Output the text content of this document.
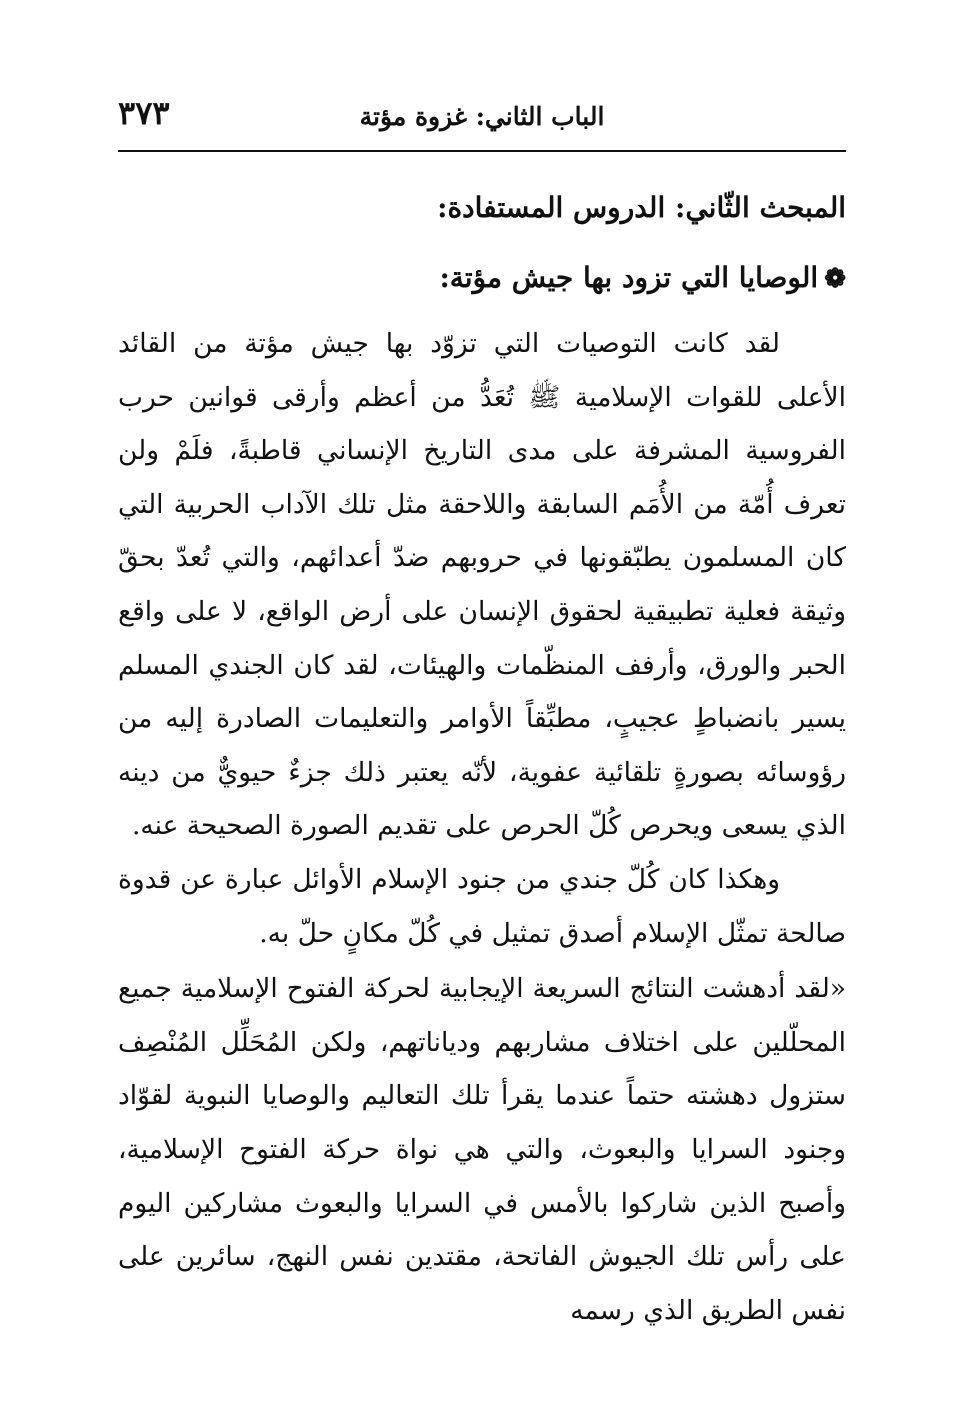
الباب الثاني: غزوة مؤتة
٣٧٣
المبحث الثّاني: الدروس المستفادة:
❁الوصايا التي تزود بها جيش مؤتة:

لقد كانت التوصيات التي تزوّد بها جيش مؤتة من القائد الأعلى للقوات الإسلامية ﷺ تُعَدُّ من أعظم وأرقى قوانين حرب الفروسية المشرفة على مدى التاريخ الإنساني قاطبةً، فلَمْ ولن تعرف أُمّة من الأُمَم السابقة واللاحقة مثل تلك الآداب الحربية التي كان المسلمون يطبّقونها في حروبهم ضدّ أعدائهم، والتي تُعدّ بحقّ وثيقة فعلية تطبيقية لحقوق الإنسان على أرض الواقع، لا على واقع الحبر والورق، وأرفف المنظّمات والهيئات، لقد كان الجندي المسلم يسير بانضباطٍ عجيبٍ، مطبِّقاً الأوامر والتعليمات الصادرة إليه من رؤوسائه بصورةٍ تلقائية عفوية، لأنّه يعتبر ذلك جزءٌ حيويٌّ من دينه الذي يسعى ويحرص كُلّ الحرص على تقديم الصورة الصحيحة عنه.

وهكذا كان كُلّ جندي من جنود الإسلام الأوائل عبارة عن قدوة صالحة تمثّل الإسلام أصدق تمثيل في كُلّ مكانٍ حلّ به.

«لقد أدهشت النتائج السريعة الإيجابية لحركة الفتوح الإسلامية جميع المحلّلين على اختلاف مشاربهم ودياناتهم، ولكن المُحَلِّل المُنْصِف ستزول دهشته حتماً عندما يقرأ تلك التعاليم والوصايا النبوية لقوّاد وجنود السرايا والبعوث، والتي هي نواة حركة الفتوح الإسلامية، وأصبح الذين شاركوا بالأمس في السرايا والبعوث مشاركين اليوم على رأس تلك الجيوش الفاتحة، مقتدين نفس النهج، سائرين على نفس الطريق الذي رسمه
